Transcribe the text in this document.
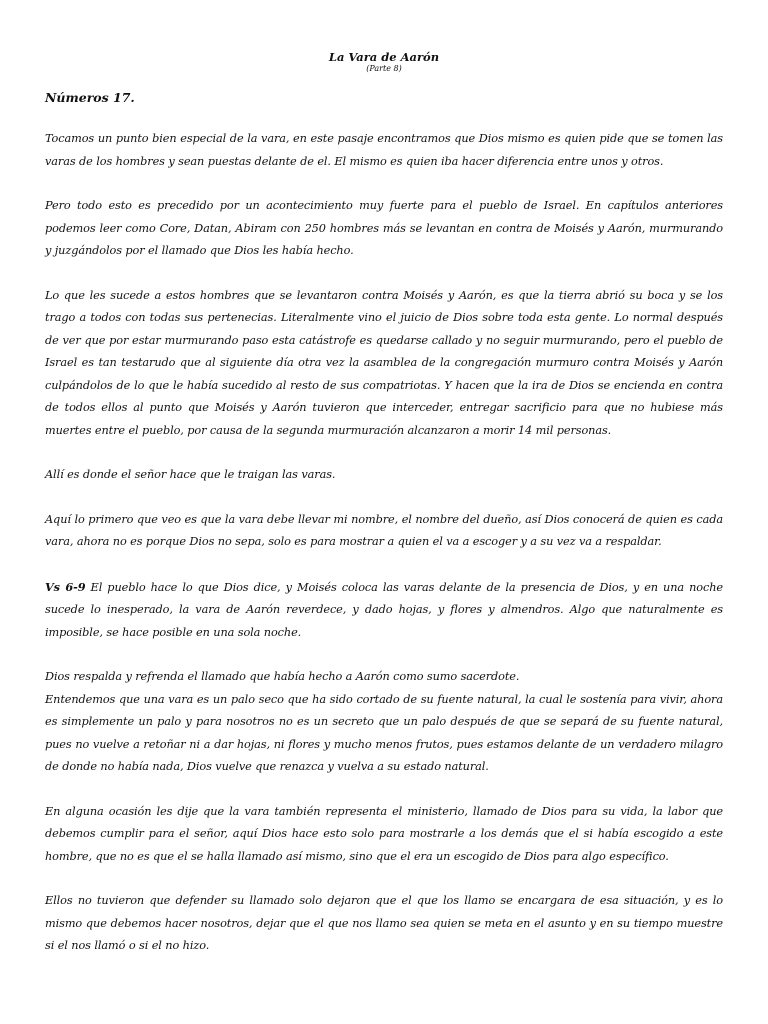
La Vara de Aarón
(Parte 8)
Números 17.

Tocamos un punto bien especial de la vara, en este pasaje encontramos que Dios mismo es quien pide que se tomen las varas de los hombres y sean puestas delante de el. El mismo es quien iba hacer diferencia entre unos y otros.

Pero todo esto es precedido por un acontecimiento muy fuerte para el pueblo de Israel. En capítulos anteriores podemos leer como Core, Datan, Abiram con 250 hombres más se levantan en contra de Moisés y Aarón, murmurando y juzgándolos por el llamado que Dios les había hecho.

Lo que les sucede a estos hombres que se levantaron contra Moisés y Aarón, es que la tierra abrió su boca y se los trago a todos con todas sus pertenecias. Literalmente vino el juicio de Dios sobre toda esta gente. Lo normal después de ver que por estar murmurando paso esta catástrofe es quedarse callado y no seguir murmurando, pero el pueblo de Israel es tan testarudo que al siguiente día otra vez la asamblea de la congregación murmuro contra Moisés y Aarón culpándolos de lo que le había sucedido al resto de sus compatriotas. Y hacen que la ira de Dios se encienda en contra de todos ellos al punto que Moisés y Aarón tuvieron que interceder, entregar sacrificio para que no hubiese más muertes entre el pueblo, por causa de la segunda murmuración alcanzaron a morir 14 mil personas.

Allí es donde el señor hace que le traigan las varas.

Aquí lo primero que veo es que la vara debe llevar mi nombre, el nombre del dueño, así Dios conocerá de quien es cada vara, ahora no es porque Dios no sepa, solo es para mostrar a quien el va a escoger y a su vez va a respaldar.

Vs 6-9 El pueblo hace lo que Dios dice, y Moisés coloca las varas delante de la presencia de Dios, y en una noche sucede lo inesperado, la vara de Aarón reverdece, y dado hojas, y flores y almendros. Algo que naturalmente es imposible, se hace posible en una sola noche.

Dios respalda y refrenda el llamado que había hecho a Aarón como sumo sacerdote.

Entendemos que una vara es un palo seco que ha sido cortado de su fuente natural, la cual le sostenía para vivir, ahora es simplemente un palo y para nosotros no es un secreto que un palo después de que se separá de su fuente natural, pues no vuelve a retoñar ni a dar hojas, ni flores y mucho menos frutos, pues estamos delante de un verdadero milagro de donde no había nada, Dios vuelve que renazca y vuelva a su estado natural.

En alguna ocasión les dije que la vara también representa el ministerio, llamado de Dios para su vida, la labor que debemos cumplir para el señor, aquí Dios hace esto solo para mostrarle a los demás que el si había escogido a este hombre, que no es que el se halla llamado así mismo, sino que el era un escogido de Dios para algo específico.

Ellos no tuvieron que defender su llamado solo dejaron que el que los llamo se encargara de esa situación, y es lo mismo que debemos hacer nosotros, dejar que el que nos llamo sea quien se meta en el asunto y en su tiempo muestre si el nos llamó o si el no hizo.
